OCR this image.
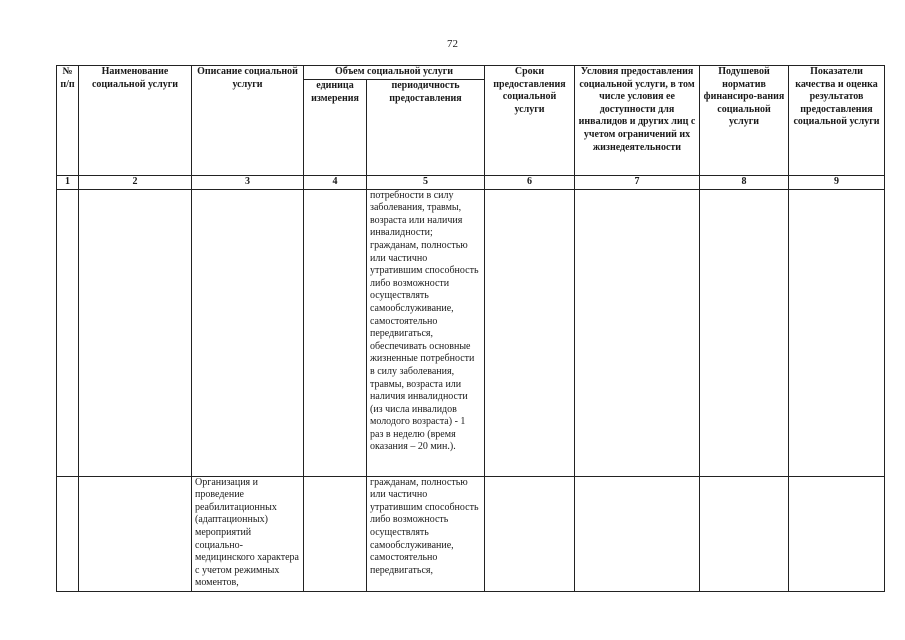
72
№ п/п	Наименование социальной услуги	Описание социальной услуги	Объем социальной услуги		Сроки предоставления социальной услуги	Условия предоставления социальной услуги, в том числе условия ее доступности для инвалидов и других лиц с учетом ограничений их жизнедеятельности	Подушевой норматив финансиро-вания социальной услуги	Показатели качества и оценка результатов предоставления социальной услуги
			единица измерения	периодичность предоставления				
1	2	3	4	5	6	7	8	9
				потребности в силу заболевания, травмы, возраста или наличия инвалидности; гражданам, полностью или частично утратившим способность либо возможности осуществлять самообслуживание, самостоятельно передвигаться, обеспечивать основные жизненные потребности в силу заболевания, травмы, возраста или наличия инвалидности (из числа инвалидов молодого возраста) - 1 раз в неделю (время оказания – 20 мин.).				
		Организация и проведение реабилитационных (адаптационных) мероприятий социально-медицинского характера с учетом режимных моментов,		гражданам, полностью или частично утратившим способность либо возможность осуществлять самообслуживание, самостоятельно передвигаться,				
